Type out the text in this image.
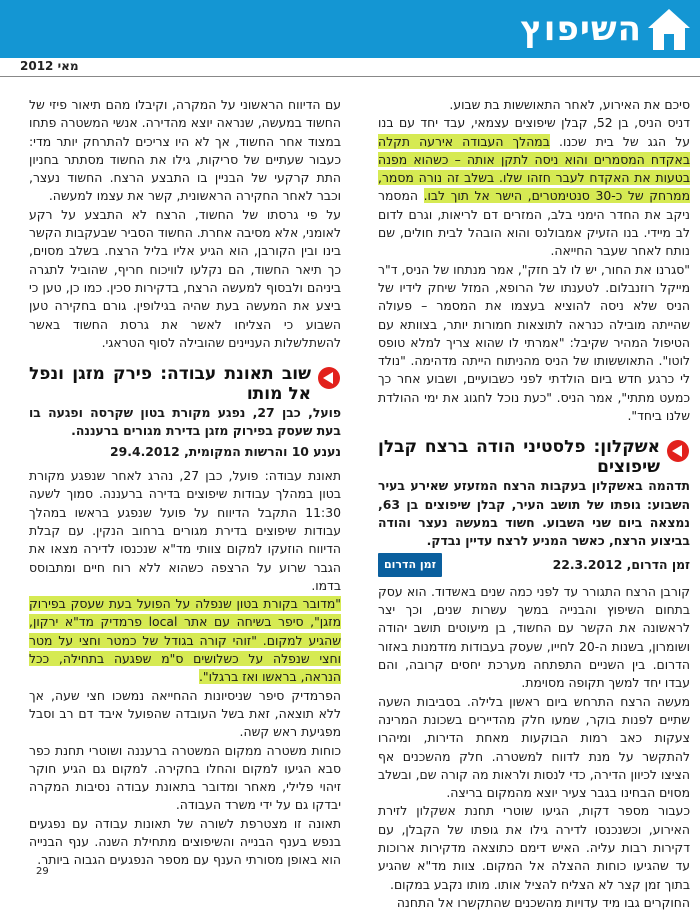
השיפוץ
מאי 2012

סיכם את האירוע, לאחר התאוששות בת שבוע.

דניס הניס, בן 52, קבלן שיפוצים עצמאי, עבד יחד עם בנו על הגג של בית שכנו. במהלך העבודה אירעה תקלה באקדח המסמרים והוא ניסה לתקן אותה – כשהוא מפנה בטעות את האקדח לעבר חזהו שלו. בשלב זה נורה מסמר, ממרחק של כ-30 סנטימטרים, הישר אל תוך לבו. המסמר ניקב את החדר הימני בלב, המזרים דם לריאות, וגרם לדום לב מיידי. בנו הזעיק אמבולנס והוא הובהל לבית חולים, שם נותח לאחר שעבר החייאה.

"סגרנו את החור, יש לו לב חזק", אמר מנתחו של הניס, ד"ר מייקל רוזנבלום. לטענתו של הרופא, המזל שיחק לידיו של הניס שלא ניסה להוציא בעצמו את המסמר – פעולה שהייתה מובילה כנראה לתוצאות חמורות יותר, בצוותא עם הטיפול המהיר שקיבל: "אמרתי לו שהוא צריך למלא טופס לוטו". התאוששותו של הניס מהניתוח הייתה מדהימה. "נולד לי כרגע חדש ביום הולדתי לפני כשבועיים, ושבוע אחר כך כמעט מתתי", אמר הניס. "כעת נוכל לחגוג את ימי ההולדת שלנו ביחד".

אשקלון: פלסטיני הודה ברצח קבלן שיפוצים

תדהמה באשקלון בעקבות הרצח המזעזע שאירע בעיר השבוע: גופתו של תושב העיר, קבלן שיפוצים בן 63, נמצאה ביום שני השבוע. חשוד במעשה נעצר והודה בביצוע הרצח, כאשר המניע לרצח עדיין נבדק.

זמן הדרום, 22.3.2012
זמן הדרום

קורבן הרצח התגורר עד לפני כמה שנים באשדוד. הוא עסק בתחום השיפוץ והבנייה במשך עשרות שנים, וכך יצר לראשונה את הקשר עם החשוד, בן מיעוטים תושב יהודה ושומרון, בשנות ה-20 לחייו, שעסק בעבודות מזדמנות באזור הדרום. בין השניים התפתחה מערכת יחסים קרובה, והם עבדו יחד למשך תקופה מסוימת.

מעשה הרצח התרחש ביום ראשון בלילה. בסביבות השעה שתיים לפנות בוקר, שמעו חלק מהדיירים בשכונת המרינה צעקות כאב רמות הבוקעות מאחת הדירות, ומיהרו להתקשר על מנת לדווח למשטרה. חלק מהשכנים אף הציצו לכיוון הדירה, כדי לנסות ולראות מה קורה שם, ובשלב מסוים הבחינו בגבר צעיר יוצא מהמקום בריצה.

כעבור מספר דקות, הגיעו שוטרי תחנת אשקלון לזירת האירוע, וכשנכנסו לדירה גילו את גופתו של הקבלן, עם דקירות רבות עליה. האיש דימם כתוצאה מדקירות ארוכות עד שהגיעו כוחות ההצלה אל המקום. צוות מד"א שהגיע בתוך זמן קצר לא הצליח להציל אותו. מותו נקבע במקום.

החוקרים גבו מיד עדויות מהשכנים שהתקשרו אל התחנה

עם הדיווח הראשוני על המקרה, וקיבלו מהם תיאור פיזי של החשוד במעשה, שנראה יוצא מהדירה. אנשי המשטרה פתחו במצוד אחר החשוד, אך לא היו צריכים להתרחק יותר מדי: כעבור שעתיים של סריקות, גילו את החשוד מסתתר בחניון התת קרקעי של הבניין בו התבצע הרצח. החשוד נעצר, וכבר לאחר החקירה הראשונית, קשר את עצמו למעשה.

על פי גרסתו של החשוד, הרצח לא התבצע על רקע לאומני, אלא מסיבה אחרת. החשוד הסביר שבעקבות הקשר בינו ובין הקורבן, הוא הגיע אליו בליל הרצח. בשלב מסוים, כך תיאר החשוד, הם נקלעו לוויכוח חריף, שהוביל לתגרה ביניהם ולבסוף למעשה הרצח, בדקירות סכין. כמו כן, טען כי ביצע את המעשה בעת שהיה בגילופין. גורם בחקירה טען השבוע כי הצליחו לאשר את גרסת החשוד באשר להשתלשלות העניינים שהובילה לסוף הטראגי.

שוב תאונת עבודה: פירק מזגן ונפל אל מותו

פועל, כבן 27, נפגע מקורת בטון שקרסה ופגעה בו בעת שעסק בפירוק מזגן בדירת מגורים ברעננה.

נענע 10 והרשות המקומית, 29.4.2012

תאונת עבודה: פועל, כבן 27, נהרג לאחר שנפגע מקורת בטון במהלך עבודות שיפוצים בדירה ברעננה. סמוך לשעה 11:30 התקבל הדיווח על פועל שנפגע בראשו במהלך עבודות שיפוצים בדירת מגורים ברחוב הנקין. עם קבלת הדיווח הוזעקו למקום צוותי מד"א שנכנסו לדירה מצאו את הגבר שרוע על הרצפה כשהוא ללא רוח חיים ומתבוסס בדמו.

"מדובר בקורת בטון שנפלה על הפועל בעת שעסק בפירוק מזגן", סיפר בשיחה עם אתר local פרמדיק מד"א ירקון, שהגיע למקום. "זוהי קורה בגודל של כמטר וחצי על מטר וחצי שנפלה על כשלושים ס"מ שפגעה בתחילה, ככל הנראה, בראשו ואז ברגלו".

הפרמדיק סיפר שניסיונות ההחייאה נמשכו חצי שעה, אך ללא תוצאה, זאת בשל העובדה שהפועל איבד דם רב וסבל מפגיעת ראש קשה.

כוחות משטרה ממקום המשטרה ברעננה ושוטרי תחנת כפר סבא הגיעו למקום והחלו בחקירה. למקום גם הגיע חוקר זיהוי פלילי, מאחר ומדובר בתאונת עבודה נסיבות המקרה יבדקו גם על ידי משרד העבודה.

תאונה זו מצטרפת לשורה של תאונות עבודה עם נפגעים בנפש בענף הבנייה והשיפוצים מתחילת השנה. ענף הבנייה הוא באופן מסורתי הענף עם מספר הנפגעים הגבוה ביותר.

29
